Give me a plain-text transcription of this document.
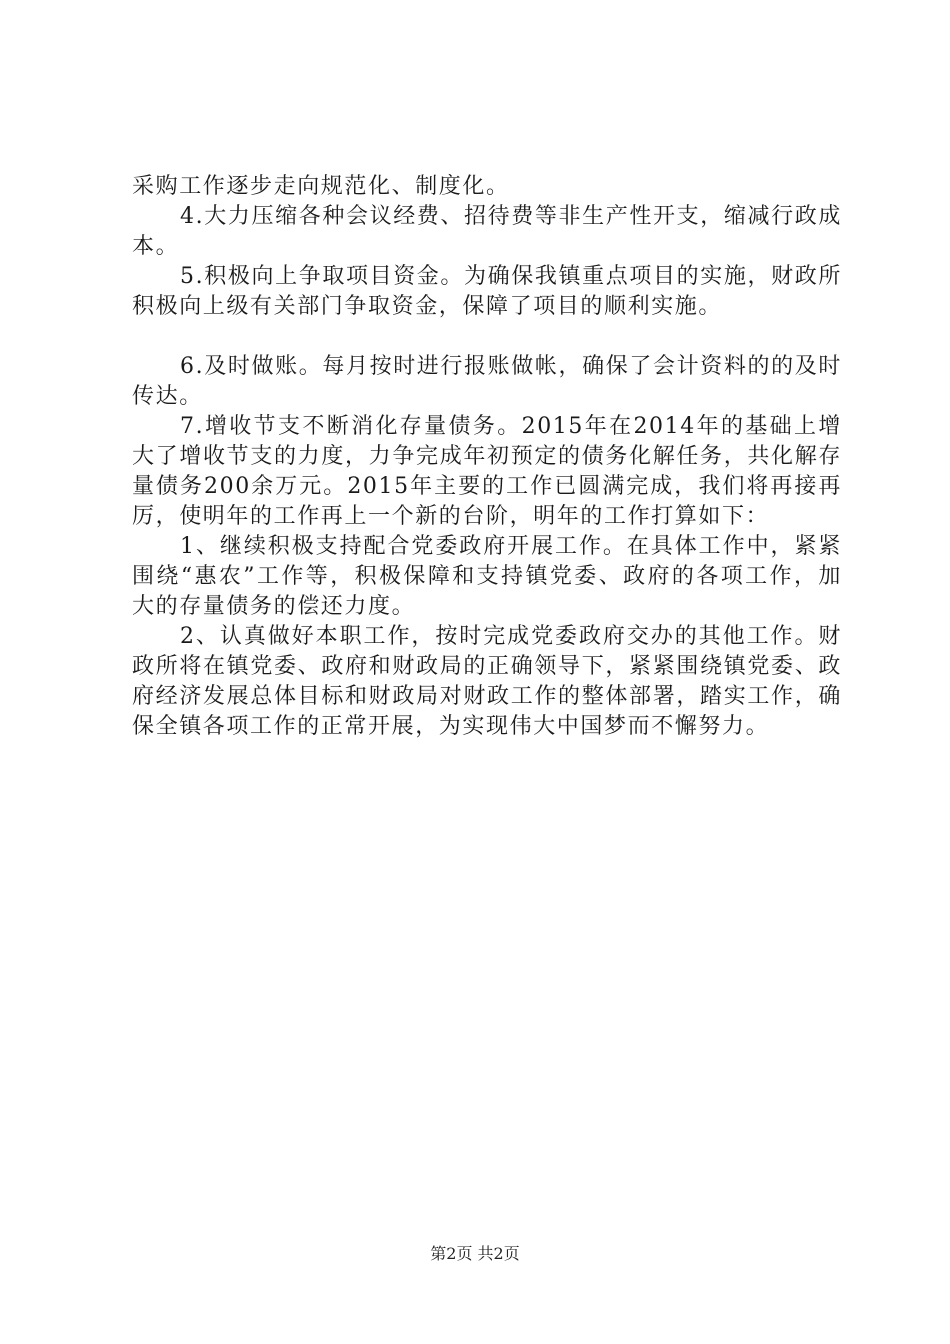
采购工作逐步走向规范化、制度化。

4.大力压缩各种会议经费、招待费等非生产性开支，缩减行政成本。

5.积极向上争取项目资金。为确保我镇重点项目的实施，财政所积极向上级有关部门争取资金，保障了项目的顺利实施。

6.及时做账。每月按时进行报账做帐，确保了会计资料的的及时传达。

7.增收节支不断消化存量债务。2015年在2014年的基础上增大了增收节支的力度，力争完成年初预定的债务化解任务，共化解存量债务200余万元。2015年主要的工作已圆满完成，我们将再接再厉，使明年的工作再上一个新的台阶，明年的工作打算如下：

1、继续积极支持配合党委政府开展工作。在具体工作中，紧紧围绕“惠农”工作等，积极保障和支持镇党委、政府的各项工作，加大的存量债务的偿还力度。

2、认真做好本职工作，按时完成党委政府交办的其他工作。财政所将在镇党委、政府和财政局的正确领导下，紧紧围绕镇党委、政府经济发展总体目标和财政局对财政工作的整体部署，踏实工作，确保全镇各项工作的正常开展，为实现伟大中国梦而不懈努力。

第2页 共2页
